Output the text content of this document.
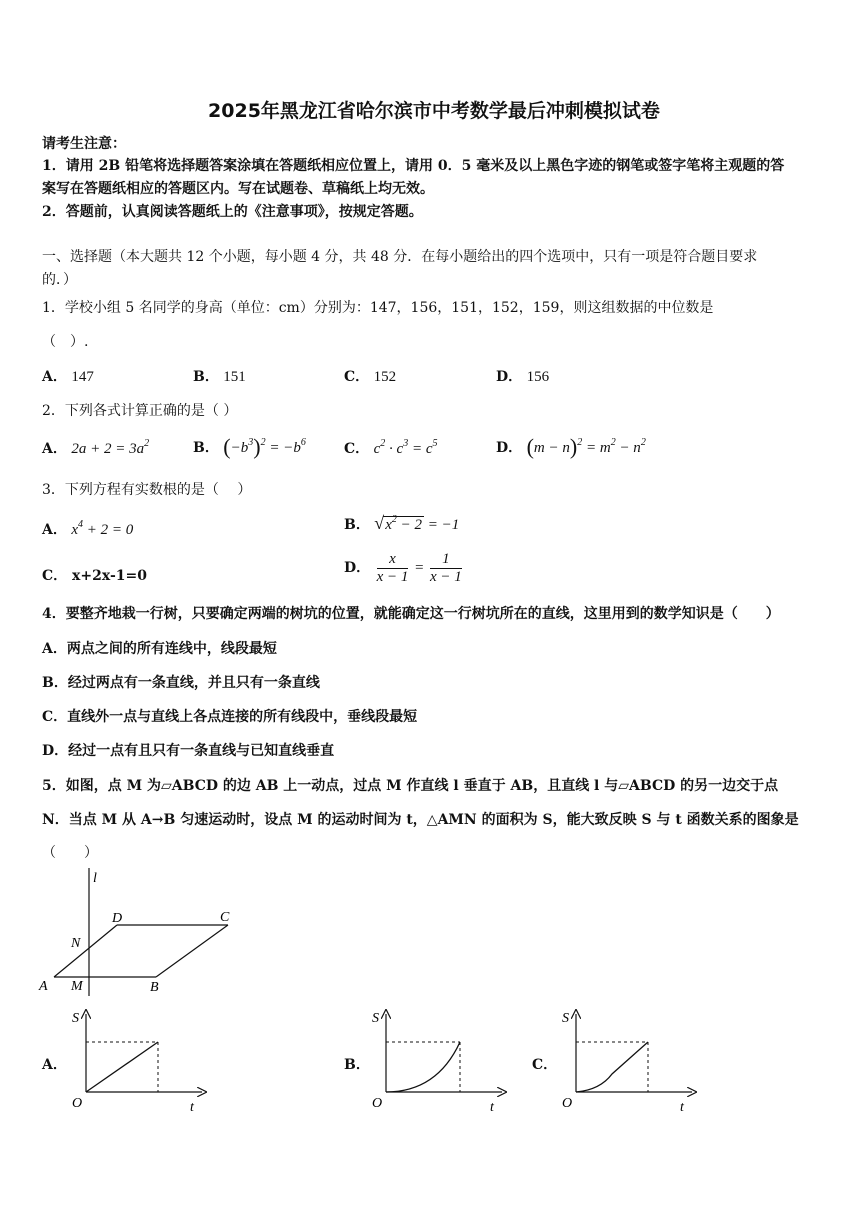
2025年黑龙江省哈尔滨市中考数学最后冲刺模拟试卷
请考生注意：
1．请用 2B 铅笔将选择题答案涂填在答题纸相应位置上，请用 0．5 毫米及以上黑色字迹的钢笔或签字笔将主观题的答
案写在答题纸相应的答题区内。写在试题卷、草稿纸上均无效。
2．答题前，认真阅读答题纸上的《注意事项》，按规定答题。
一、选择题（本大题共 12 个小题，每小题 4 分，共 48 分．在每小题给出的四个选项中，只有一项是符合题目要求
的．）
1．学校小组 5 名同学的身高（单位：cm）分别为：147，156，151，152，159，则这组数据的中位数是
（　）.
A． 147	B． 151	C． 152	D． 156
2．下列各式计算正确的是（ ）
A． $2a + 2 = 3a^2$	B． $(-b^3)^2 = -b^6$	C． $c^2 \cdot c^3 = c^5$	D． $(m - n)^2 = m^2 - n^2$
3．下列方程有实数根的是（　 ）
A． $x^4 + 2 = 0$	B． $√x^2 - 2 = -1$
C． x+2x-1=0
D． $\frac{x}{x - 1} = \frac{1}{x - 1}$
4．要整齐地栽一行树，只要确定两端的树坑的位置，就能确定这一行树坑所在的直线，这里用到的数学知识是（　　）
A．两点之间的所有连线中，线段最短
B．经过两点有一条直线，并且只有一条直线
C．直线外一点与直线上各点连接的所有线段中，垂线段最短
D．经过一点有且只有一条直线与已知直线垂直
5．如图，点 M 为▱ABCD 的边 AB 上一动点，过点 M 作直线 l 垂直于 AB，且直线 l 与▱ABCD 的另一边交于点
N．当点 M 从 A→B 匀速运动时，设点 M 的运动时间为 t，△AMN 的面积为 S，能大致反映 S 与 t 函数关系的图象是
（　　）
l
D	C
N
A M	B
A．
S
O	t
B．
S
O	t
C．
S
O	t
